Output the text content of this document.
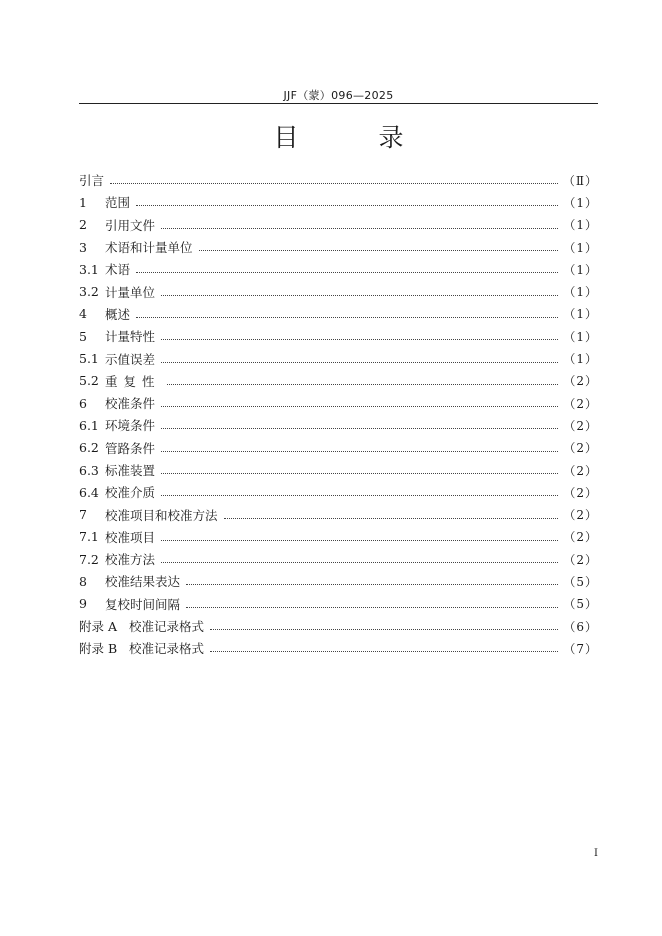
JJF（蒙）096—2025
目 录
引言	（Ⅱ）
1	范围	（1）
2	引用文件	（1）
3	术语和计量单位	（1）
3.1 术语	（1）
3.2 计量单位	（1）
4	概述	（1）
5	计量特性	（1）
5.1 示值误差	（1）
5.2 重复性	（2）
6	校准条件	（2）
6.1 环境条件	（2）
6.2 管路条件	（2）
6.3 标准装置	（2）
6.4 校准介质	（2）
7	校准项目和校准方法	（2）
7.1 校准项目	（2）
7.2 校准方法	（2）
8	校准结果表达	（5）
9	复校时间间隔	（5）
附录 A 校准记录格式	（6）
附录 B 校准记录格式	（7）
I
